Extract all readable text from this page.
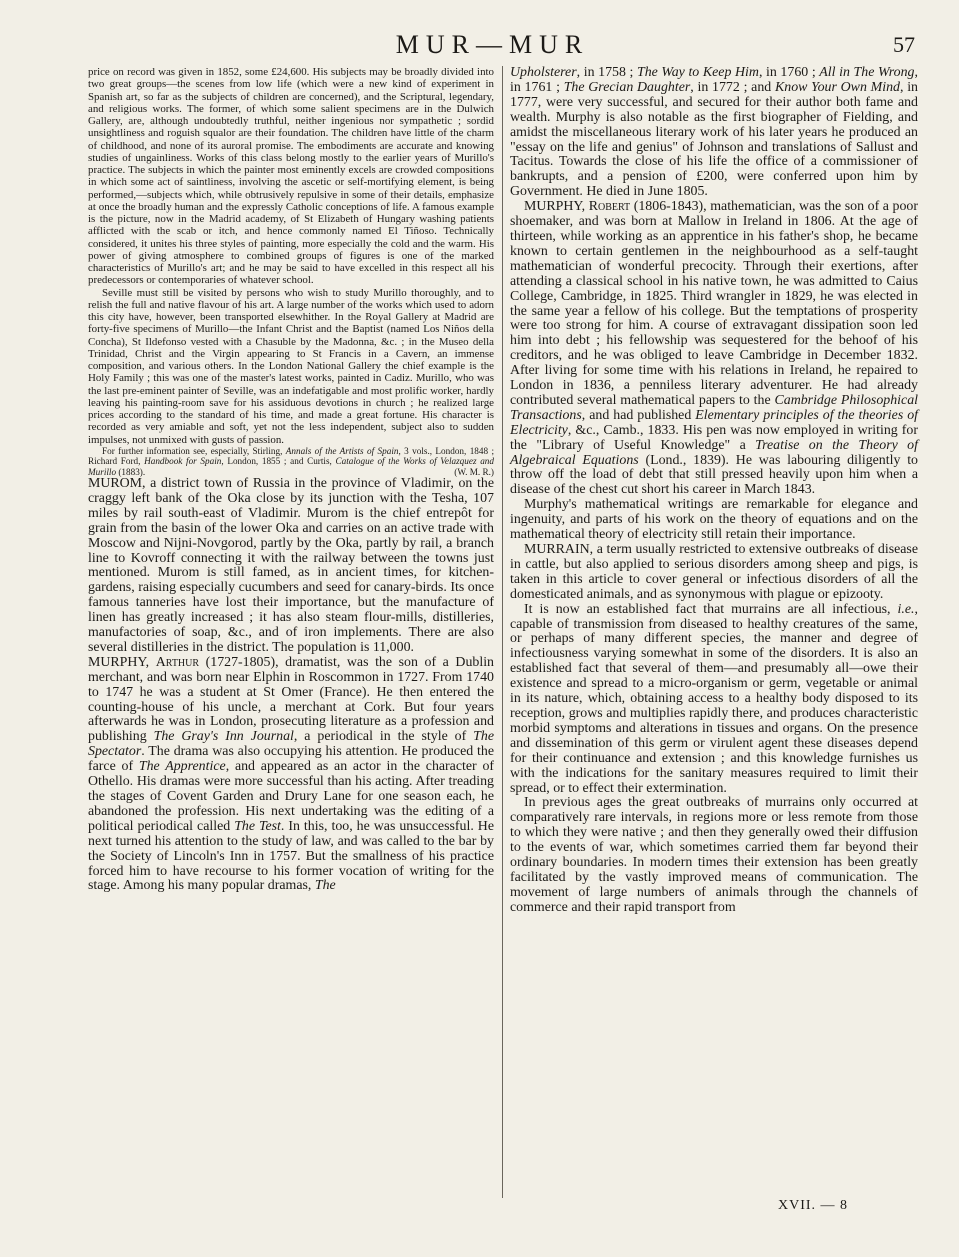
MUR—MUR	57

price on record was given in 1852, some £24,600. His subjects may be broadly divided into two great groups—the scenes from low life (which were a new kind of experiment in Spanish art, so far as the subjects of children are concerned), and the Scriptural, legendary, and religious works. The former, of which some salient specimens are in the Dulwich Gallery, are, although undoubtedly truthful, neither ingenious nor sympathetic ; sordid unsightliness and roguish squalor are their foundation. The children have little of the charm of childhood, and none of its auroral promise. The embodiments are accurate and knowing studies of ungainliness. Works of this class belong mostly to the earlier years of Murillo's practice. The subjects in which the painter most eminently excels are crowded compositions in which some act of saintliness, involving the ascetic or self-mortifying element, is being performed,—subjects which, while obtrusively repulsive in some of their details, emphasize at once the broadly human and the expressly Catholic conceptions of life. A famous example is the picture, now in the Madrid academy, of St Elizabeth of Hungary washing patients afflicted with the scab or itch, and hence commonly named El Tiñoso. Technically considered, it unites his three styles of painting, more especially the cold and the warm. His power of giving atmosphere to combined groups of figures is one of the marked characteristics of Murillo's art; and he may be said to have excelled in this respect all his predecessors or contemporaries of whatever school.

Seville must still be visited by persons who wish to study Murillo thoroughly, and to relish the full and native flavour of his art. A large number of the works which used to adorn this city have, however, been transported elsewhither. In the Royal Gallery at Madrid are forty-five specimens of Murillo—the Infant Christ and the Baptist (named Los Niños della Concha), St Ildefonso vested with a Chasuble by the Madonna, &c. ; in the Museo della Trinidad, Christ and the Virgin appearing to St Francis in a Cavern, an immense composition, and various others. In the London National Gallery the chief example is the Holy Family ; this was one of the master's latest works, painted in Cadiz. Murillo, who was the last pre-eminent painter of Seville, was an indefatigable and most prolific worker, hardly leaving his painting-room save for his assiduous devotions in church ; he realized large prices according to the standard of his time, and made a great fortune. His character is recorded as very amiable and soft, yet not the less independent, subject also to sudden impulses, not unmixed with gusts of passion.

For further information see, especially, Stirling, Annals of the Artists of Spain, 3 vols., London, 1848 ; Richard Ford, Handbook for Spain, London, 1855 ; and Curtis, Catalogue of the Works of Velazquez and Murillo (1883).	(W. M. R.)

MUROM, a district town of Russia in the province of Vladimir, on the craggy left bank of the Oka close by its junction with the Tesha, 107 miles by rail south-east of Vladimir. Murom is the chief entrepôt for grain from the basin of the lower Oka and carries on an active trade with Moscow and Nijni-Novgorod, partly by the Oka, partly by rail, a branch line to Kovroff connecting it with the railway between the towns just mentioned. Murom is still famed, as in ancient times, for kitchen-gardens, raising especially cucumbers and seed for canary-birds. Its once famous tanneries have lost their importance, but the manufacture of linen has greatly increased ; it has also steam flour-mills, distilleries, manufactories of soap, &c., and of iron implements. There are also several distilleries in the district. The population is 11,000.

MURPHY, Arthur (1727-1805), dramatist, was the son of a Dublin merchant, and was born near Elphin in Roscommon in 1727. From 1740 to 1747 he was a student at St Omer (France). He then entered the counting-house of his uncle, a merchant at Cork. But four years afterwards he was in London, prosecuting literature as a profession and publishing The Gray's Inn Journal, a periodical in the style of The Spectator. The drama was also occupying his attention. He produced the farce of The Apprentice, and appeared as an actor in the character of Othello. His dramas were more successful than his acting. After treading the stages of Covent Garden and Drury Lane for one season each, he abandoned the profession. His next undertaking was the editing of a political periodical called The Test. In this, too, he was unsuccessful. He next turned his attention to the study of law, and was called to the bar by the Society of Lincoln's Inn in 1757. But the smallness of his practice forced him to have recourse to his former vocation of writing for the stage. Among his many popular dramas, The

Upholsterer, in 1758 ; The Way to Keep Him, in 1760 ; All in The Wrong, in 1761 ; The Grecian Daughter, in 1772 ; and Know Your Own Mind, in 1777, were very successful, and secured for their author both fame and wealth. Murphy is also notable as the first biographer of Fielding, and amidst the miscellaneous literary work of his later years he produced an "essay on the life and genius" of Johnson and translations of Sallust and Tacitus. Towards the close of his life the office of a commissioner of bankrupts, and a pension of £200, were conferred upon him by Government. He died in June 1805.

MURPHY, Robert (1806-1843), mathematician, was the son of a poor shoemaker, and was born at Mallow in Ireland in 1806. At the age of thirteen, while working as an apprentice in his father's shop, he became known to certain gentlemen in the neighbourhood as a self-taught mathematician of wonderful precocity. Through their exertions, after attending a classical school in his native town, he was admitted to Caius College, Cambridge, in 1825. Third wrangler in 1829, he was elected in the same year a fellow of his college. But the temptations of prosperity were too strong for him. A course of extravagant dissipation soon led him into debt ; his fellowship was sequestered for the behoof of his creditors, and he was obliged to leave Cambridge in December 1832. After living for some time with his relations in Ireland, he repaired to London in 1836, a penniless literary adventurer. He had already contributed several mathematical papers to the Cambridge Philosophical Transactions, and had published Elementary principles of the theories of Electricity, &c., Camb., 1833. His pen was now employed in writing for the "Library of Useful Knowledge" a Treatise on the Theory of Algebraical Equations (Lond., 1839). He was labouring diligently to throw off the load of debt that still pressed heavily upon him when a disease of the chest cut short his career in March 1843.

Murphy's mathematical writings are remarkable for elegance and ingenuity, and parts of his work on the theory of equations and on the mathematical theory of electricity still retain their importance.

MURRAIN, a term usually restricted to extensive outbreaks of disease in cattle, but also applied to serious disorders among sheep and pigs, is taken in this article to cover general or infectious disorders of all the domesticated animals, and as synonymous with plague or epizooty.

It is now an established fact that murrains are all infectious, i.e., capable of transmission from diseased to healthy creatures of the same, or perhaps of many different species, the manner and degree of infectiousness varying somewhat in some of the disorders. It is also an established fact that several of them—and presumably all—owe their existence and spread to a micro-organism or germ, vegetable or animal in its nature, which, obtaining access to a healthy body disposed to its reception, grows and multiplies rapidly there, and produces characteristic morbid symptoms and alterations in tissues and organs. On the presence and dissemination of this germ or virulent agent these diseases depend for their continuance and extension ; and this knowledge furnishes us with the indications for the sanitary measures required to limit their spread, or to effect their extermination.

In previous ages the great outbreaks of murrains only occurred at comparatively rare intervals, in regions more or less remote from those to which they were native ; and then they generally owed their diffusion to the events of war, which sometimes carried them far beyond their ordinary boundaries. In modern times their extension has been greatly facilitated by the vastly improved means of communication. The movement of large numbers of animals through the channels of commerce and their rapid transport from

XVII. — 8
